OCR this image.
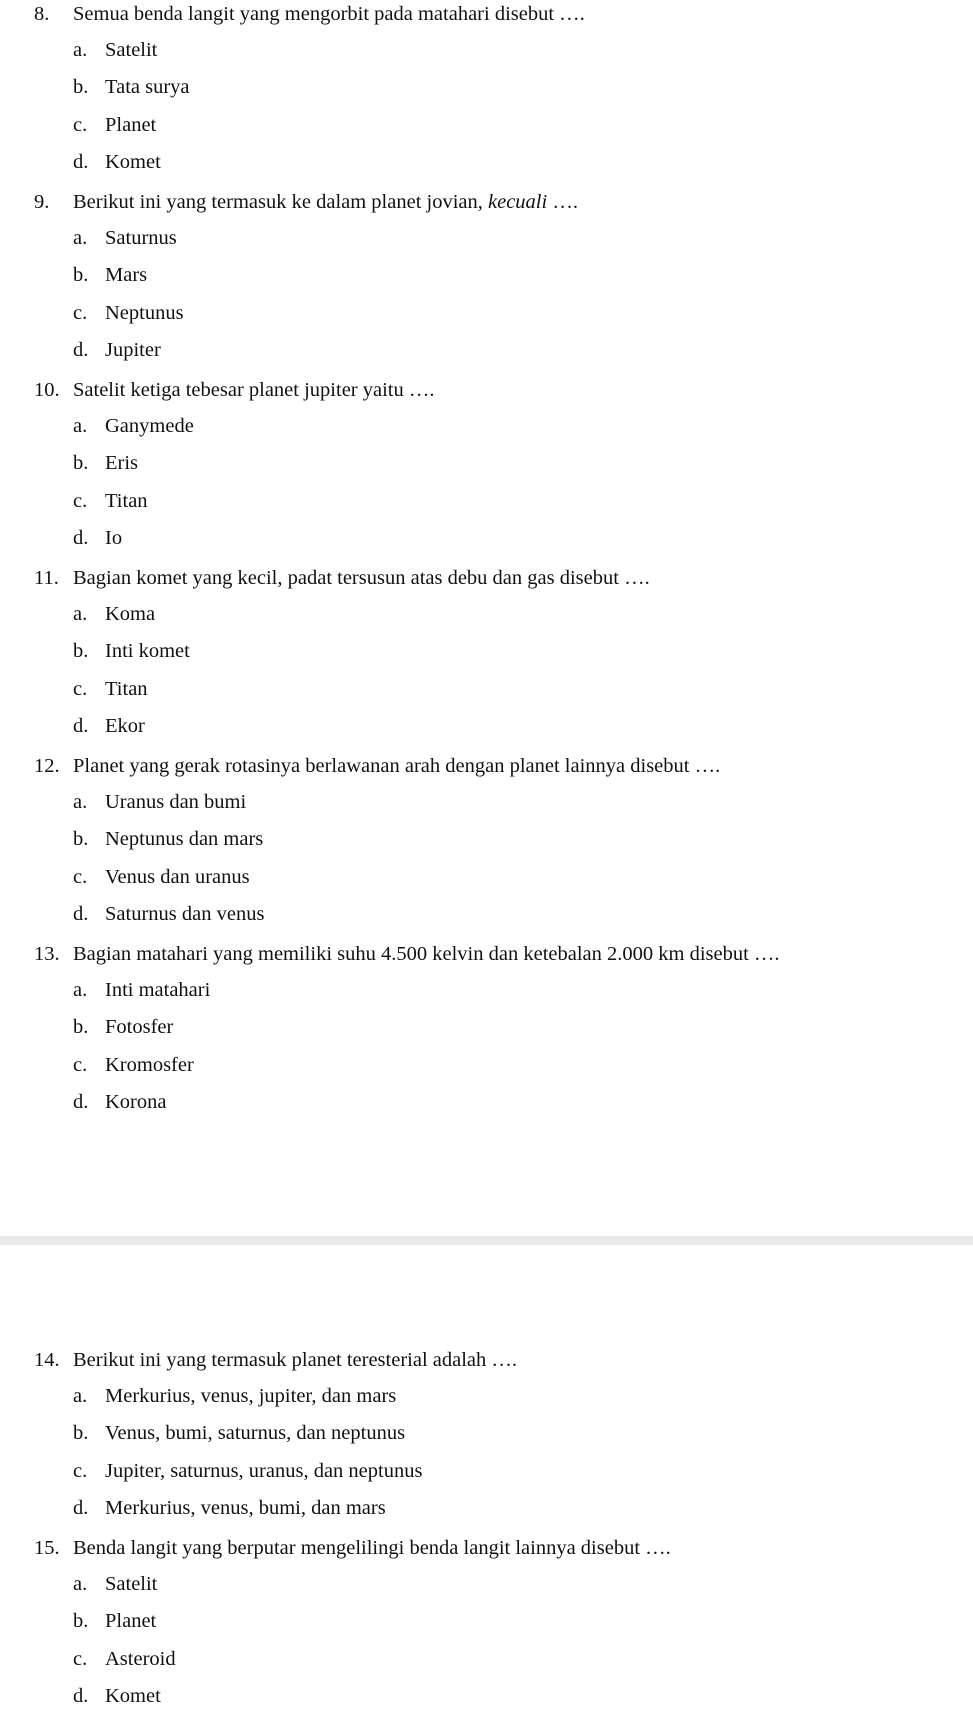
8.	Semua benda langit yang mengorbit pada matahari disebut ….
a. Satelit
b. Tata surya
c. Planet
d. Komet
9.	Berikut ini yang termasuk ke dalam planet jovian, kecuali ….
a. Saturnus
b. Mars
c. Neptunus
d. Jupiter
10. Satelit ketiga tebesar planet jupiter yaitu ….
a. Ganymede
b. Eris
c. Titan
d. Io
11. Bagian komet yang kecil, padat tersusun atas debu dan gas disebut ….
a. Koma
b. Inti komet
c. Titan
d. Ekor
12. Planet yang gerak rotasinya berlawanan arah dengan planet lainnya disebut ….
a. Uranus dan bumi
b. Neptunus dan mars
c. Venus dan uranus
d. Saturnus dan venus
13. Bagian matahari yang memiliki suhu 4.500 kelvin dan ketebalan 2.000 km disebut ….
a. Inti matahari
b. Fotosfer
c. Kromosfer
d. Korona
14. Berikut ini yang termasuk planet teresterial adalah ….
a. Merkurius, venus, jupiter, dan mars
b. Venus, bumi, saturnus, dan neptunus
c. Jupiter, saturnus, uranus, dan neptunus
d. Merkurius, venus, bumi, dan mars
15. Benda langit yang berputar mengelilingi benda langit lainnya disebut ….
a. Satelit
b. Planet
c. Asteroid
d. Komet
